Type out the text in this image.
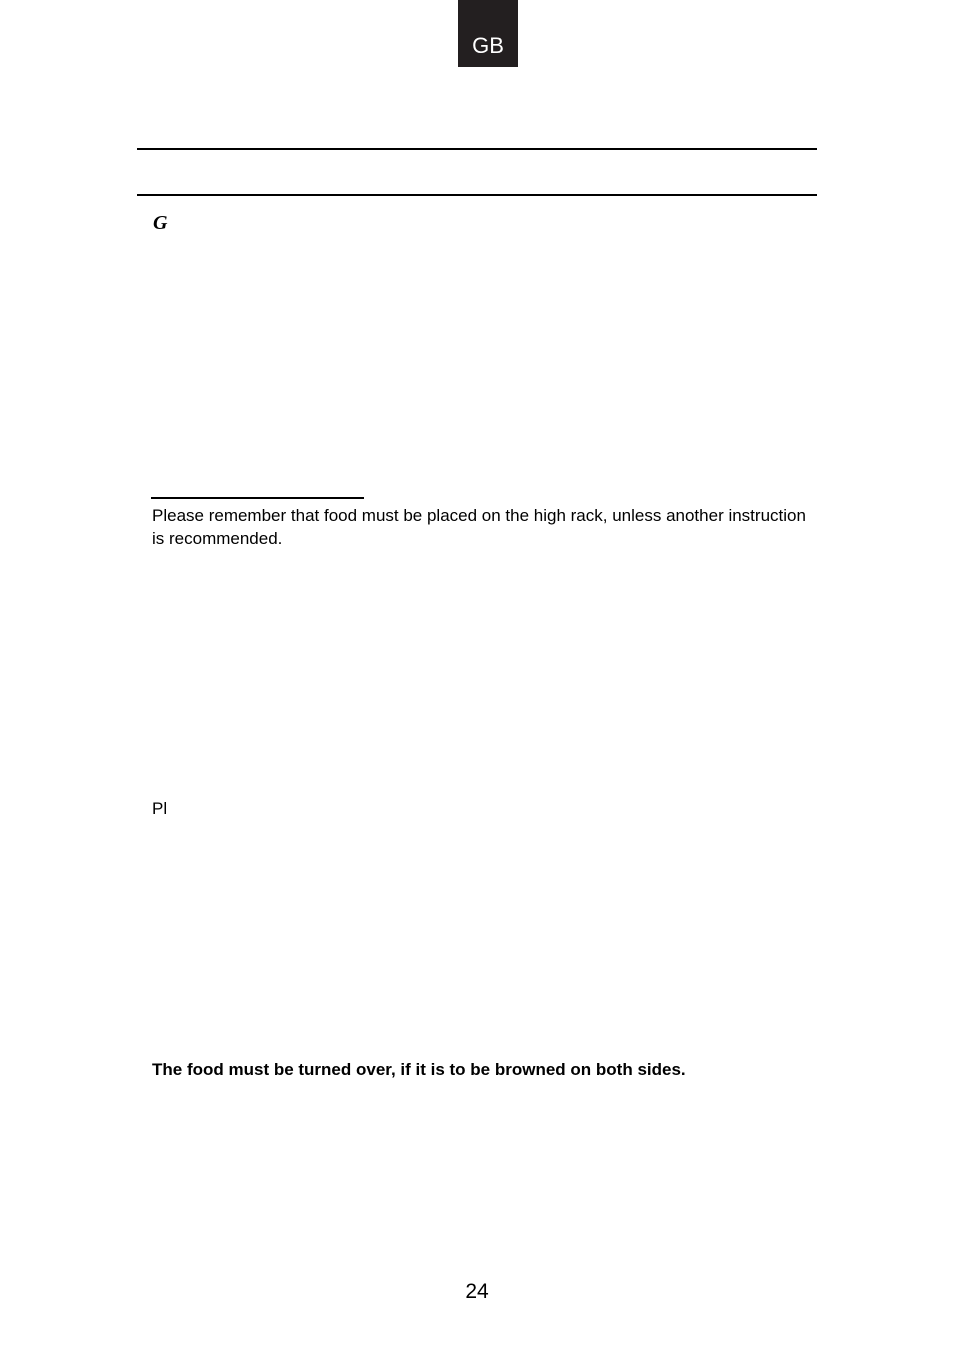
GB
G

Please remember that food must be placed on the high rack, unless another instruction is recommended.

Pl

The food must be turned over, if it is to be browned on both sides.

24
